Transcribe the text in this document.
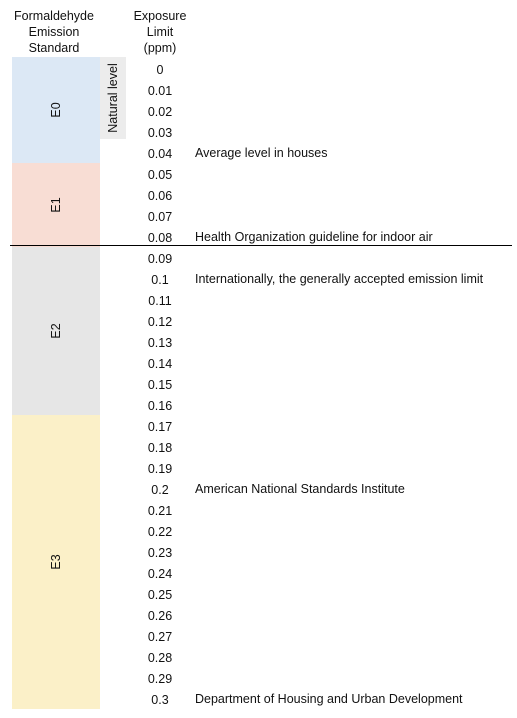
Formaldehyde
Emission
Standard
Exposure
Limit
(ppm)
E0
E1
E2
E3
Natural level	0
0.01
0.02
0.03
0.04
0.05
0.06
0.07
0.08
0.09
0.1
0.11
0.12
0.13
0.14
0.15
0.16
0.17
0.18
0.19
0.2
0.21
0.22
0.23
0.24
0.25
0.26
0.27
0.28
0.29
0.3
Average level in houses
Health Organization guideline for indoor air
Internationally, the generally accepted emission limit
American National Standards Institute
Department of Housing and Urban Development
